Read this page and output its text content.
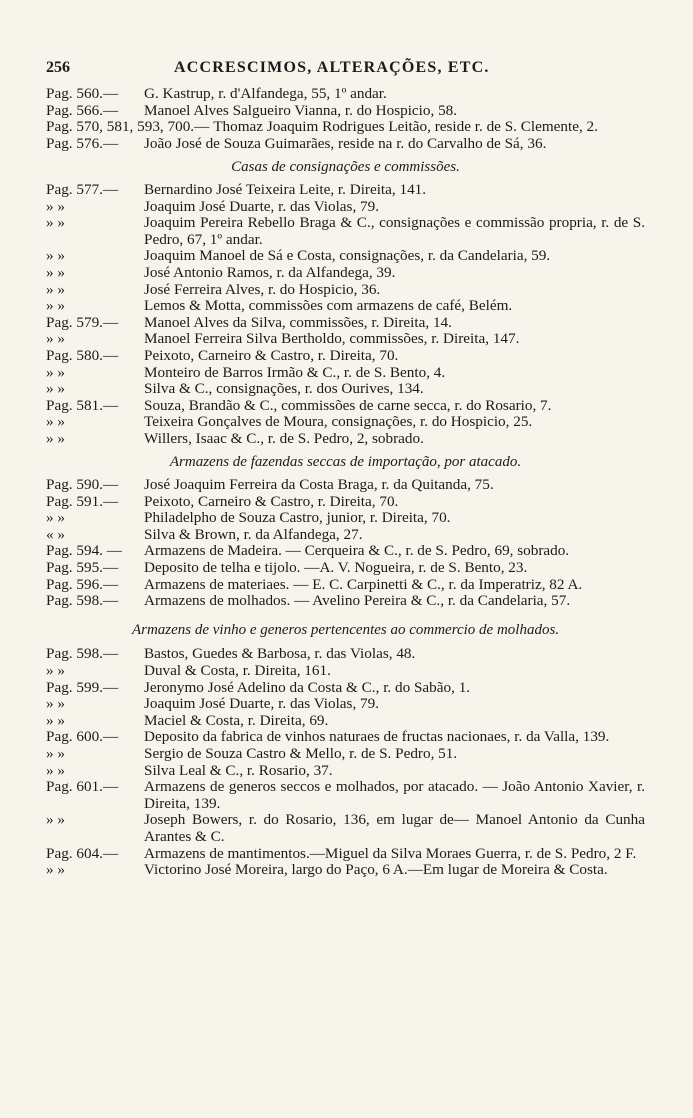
256	ACCRESCIMOS, ALTERAÇÕES, ETC.

Pag. 560.— G. Kastrup, r. d'Alfandega, 55, 1º andar.

Pag. 566.— Manoel Alves Salgueiro Vianna, r. do Hospicio, 58.

Pag. 570, 581, 593, 700.— Thomaz Joaquim Rodrigues Leitão, reside r. de S. Clemente, 2.

Pag. 576.— João José de Souza Guimarães, reside na r. do Carvalho de Sá, 36.

Casas de consignações e commissões.

Pag. 577.— Bernardino José Teixeira Leite, r. Direita, 141.

» »	Joaquim José Duarte, r. das Violas, 79.

» »	Joaquim Pereira Rebello Braga & C., consignações e commissão propria, r. de S. Pedro, 67, 1º andar.

» »	Joaquim Manoel de Sá e Costa, consignações, r. da Candelaria, 59.

» »	José Antonio Ramos, r. da Alfandega, 39.

» »	José Ferreira Alves, r. do Hospicio, 36.

» »	Lemos & Motta, commissões com armazens de café, Belém.

Pag. 579.— Manoel Alves da Silva, commissões, r. Direita, 14.

» »	Manoel Ferreira Silva Bertholdo, commissões, r. Direita, 147.

Pag. 580.— Peixoto, Carneiro & Castro, r. Direita, 70.

» »	Monteiro de Barros Irmão & C., r. de S. Bento, 4.

» »	Silva & C., consignações, r. dos Ourives, 134.

Pag. 581.— Souza, Brandão & C., commissões de carne secca, r. do Rosario, 7.

» »	Teixeira Gonçalves de Moura, consignações, r. do Hospicio, 25.

» »	Willers, Isaac & C., r. de S. Pedro, 2, sobrado.

Armazens de fazendas seccas de importação, por atacado.

Pag. 590.— José Joaquim Ferreira da Costa Braga, r. da Quitanda, 75.

Pag. 591.— Peixoto, Carneiro & Castro, r. Direita, 70.

» »	Philadelpho de Souza Castro, junior, r. Direita, 70.

« »	Silva & Brown, r. da Alfandega, 27.

Pag. 594. — Armazens de Madeira. — Cerqueira & C., r. de S. Pedro, 69, sobrado.

Pag. 595.— Deposito de telha e tijolo. —A. V. Nogueira, r. de S. Bento, 23.

Pag. 596.— Armazens de materiaes. — E. C. Carpinetti & C., r. da Imperatriz, 82 A.

Pag. 598.— Armazens de molhados. — Avelino Pereira & C., r. da Candelaria, 57.

Armazens de vinho e generos pertencentes ao commercio de molhados.

Pag. 598.— Bastos, Guedes & Barbosa, r. das Violas, 48.

» »	Duval & Costa, r. Direita, 161.

Pag. 599.— Jeronymo José Adelino da Costa & C., r. do Sabão, 1.

» »	Joaquim José Duarte, r. das Violas, 79.

» »	Maciel & Costa, r. Direita, 69.

Pag. 600.— Deposito da fabrica de vinhos naturaes de fructas nacionaes, r. da Valla, 139.

» »	Sergio de Souza Castro & Mello, r. de S. Pedro, 51.

» »	Silva Leal & C., r. Rosario, 37.

Pag. 601.— Armazens de generos seccos e molhados, por atacado. — João Antonio Xavier, r. Direita, 139.

» »	Joseph Bowers, r. do Rosario, 136, em lugar de— Manoel Antonio da Cunha Arantes & C.

Pag. 604.— Armazens de mantimentos.—Miguel da Silva Moraes Guerra, r. de S. Pedro, 2 F.

» »	Victorino José Moreira, largo do Paço, 6 A.—Em lugar de Moreira & Costa.
